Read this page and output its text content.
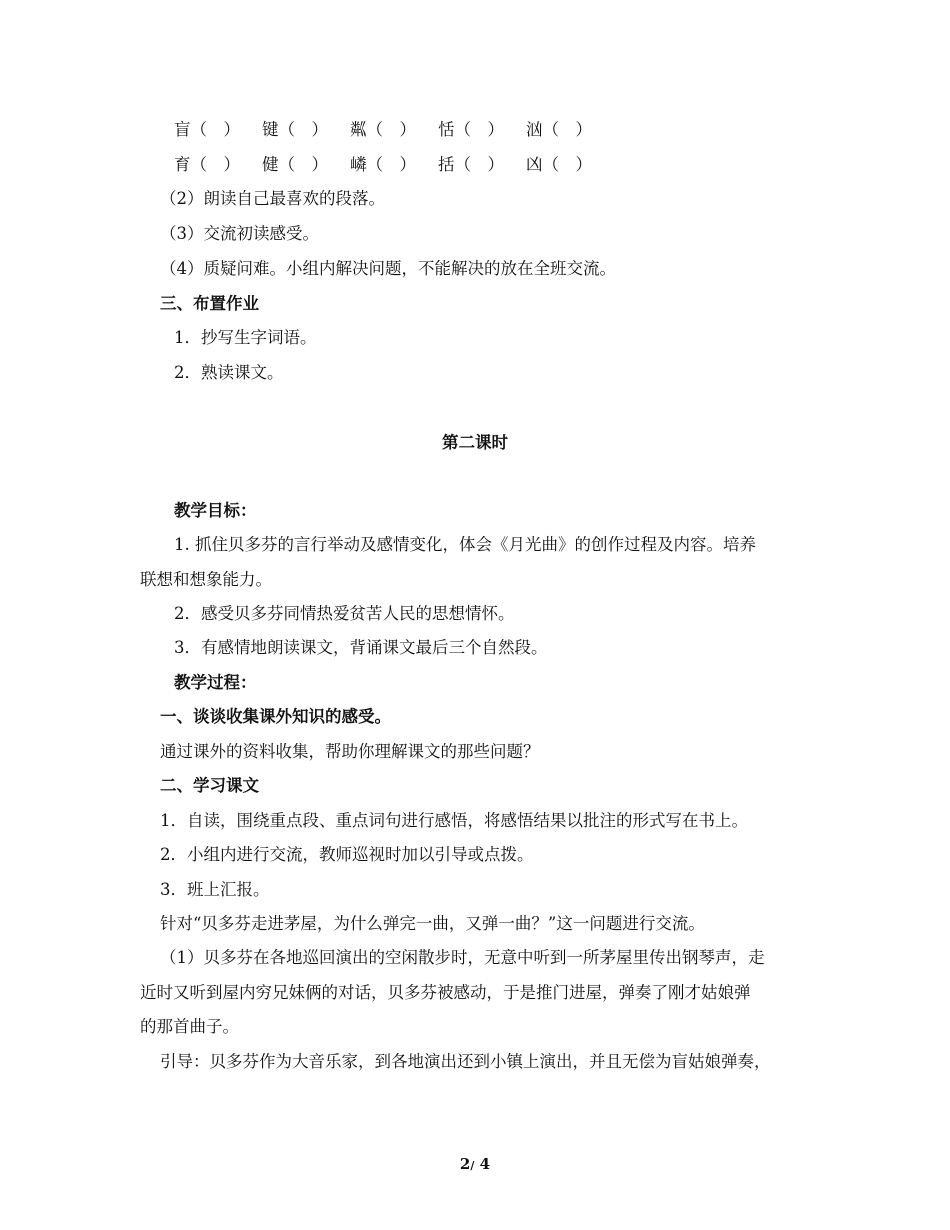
盲（　） 键（　） 粼（　） 恬（　） 汹（　）
育（　） 健（　） 嶙（　） 括（　） 凶（　）
（2）朗读自己最喜欢的段落。
（3）交流初读感受。
（4）质疑问难。小组内解决问题，不能解决的放在全班交流。
三、布置作业
1．抄写生字词语。
2．熟读课文。
第二课时
教学目标：
1. 抓住贝多芬的言行举动及感情变化，体会《月光曲》的创作过程及内容。培养
联想和想象能力。
2．感受贝多芬同情热爱贫苦人民的思想情怀。
3．有感情地朗读课文，背诵课文最后三个自然段。
教学过程：
一、谈谈收集课外知识的感受。
通过课外的资料收集，帮助你理解课文的那些问题？
二、学习课文
1．自读，围绕重点段、重点词句进行感悟，将感悟结果以批注的形式写在书上。
2．小组内进行交流，教师巡视时加以引导或点拨。
3．班上汇报。
针对“贝多芬走进茅屋，为什么弹完一曲，又弹一曲？”这一问题进行交流。
（1）贝多芬在各地巡回演出的空闲散步时，无意中听到一所茅屋里传出钢琴声，走
近时又听到屋内穷兄妹俩的对话，贝多芬被感动，于是推门进屋，弹奏了刚才姑娘弹
的那首曲子。
引导：贝多芬作为大音乐家，到各地演出还到小镇上演出，并且无偿为盲姑娘弹奏，
2/ 4
